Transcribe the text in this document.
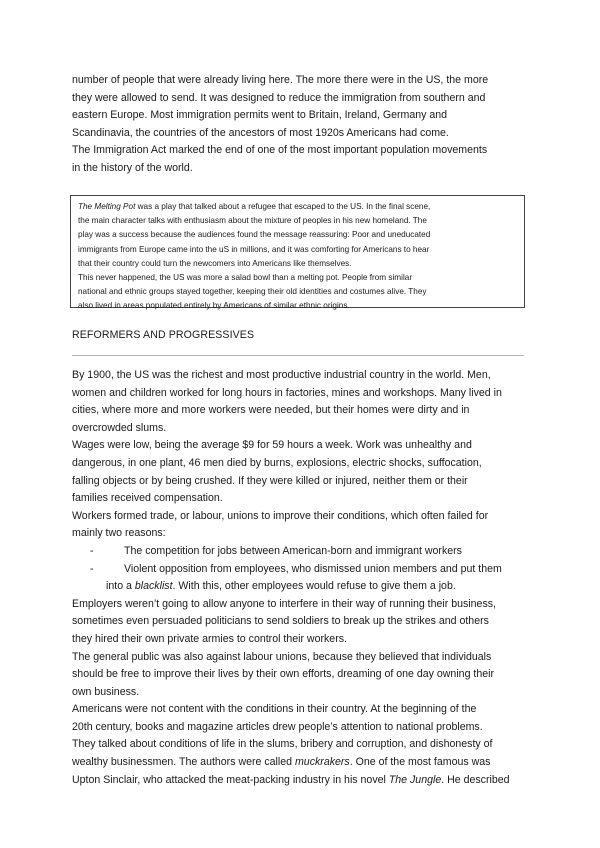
number of people that were already living here. The more there were in the US, the more
they were allowed to send. It was designed to reduce the immigration from southern and
eastern Europe. Most immigration permits went to Britain, Ireland, Germany and
Scandinavia, the countries of the ancestors of most 1920s Americans had come.
The Immigration Act marked the end of one of the most important population movements
in the history of the world.
The Melting Pot was a play that talked about a refugee that escaped to the US. In the final scene,
the main character talks with enthusiasm about the mixture of peoples in his new homeland. The
play was a success because the audiences found the message reassuring: Poor and uneducated
immigrants from Europe came into the uS in millions, and it was comforting for Americans to hear
that their country could turn the newcomers into Americans like themselves.
This never happened, the US was more a salad bowl than a melting pot. People from similar
national and ethnic groups stayed together, keeping their old identities and costumes alive. They
also lived in areas populated entirely by Americans of similar ethnic origins.
REFORMERS AND PROGRESSIVES
By 1900, the US was the richest and most productive industrial country in the world. Men,
women and children worked for long hours in factories, mines and workshops. Many lived in
cities, where more and more workers were needed, but their homes were dirty and in
overcrowded slums.
Wages were low, being the average $9 for 59 hours a week. Work was unhealthy and
dangerous, in one plant, 46 men died by burns, explosions, electric shocks, suffocation,
falling objects or by being crushed. If they were killed or injured, neither them or their
families received compensation.
Workers formed trade, or labour, unions to improve their conditions, which often failed for
mainly two reasons:
-	The competition for jobs between American-born and immigrant workers
-	Violent opposition from employees, who dismissed union members and put them
into a blacklist. With this, other employees would refuse to give them a job.
Employers weren’t going to allow anyone to interfere in their way of running their business,
sometimes even persuaded politicians to send soldiers to break up the strikes and others
they hired their own private armies to control their workers.
The general public was also against labour unions, because they believed that individuals
should be free to improve their lives by their own efforts, dreaming of one day owning their
own business.
Americans were not content with the conditions in their country. At the beginning of the
20th century, books and magazine articles drew people’s attention to national problems.
They talked about conditions of life in the slums, bribery and corruption, and dishonesty of
wealthy businessmen. The authors were called muckrakers. One of the most famous was
Upton Sinclair, who attacked the meat-packing industry in his novel The Jungle. He described
